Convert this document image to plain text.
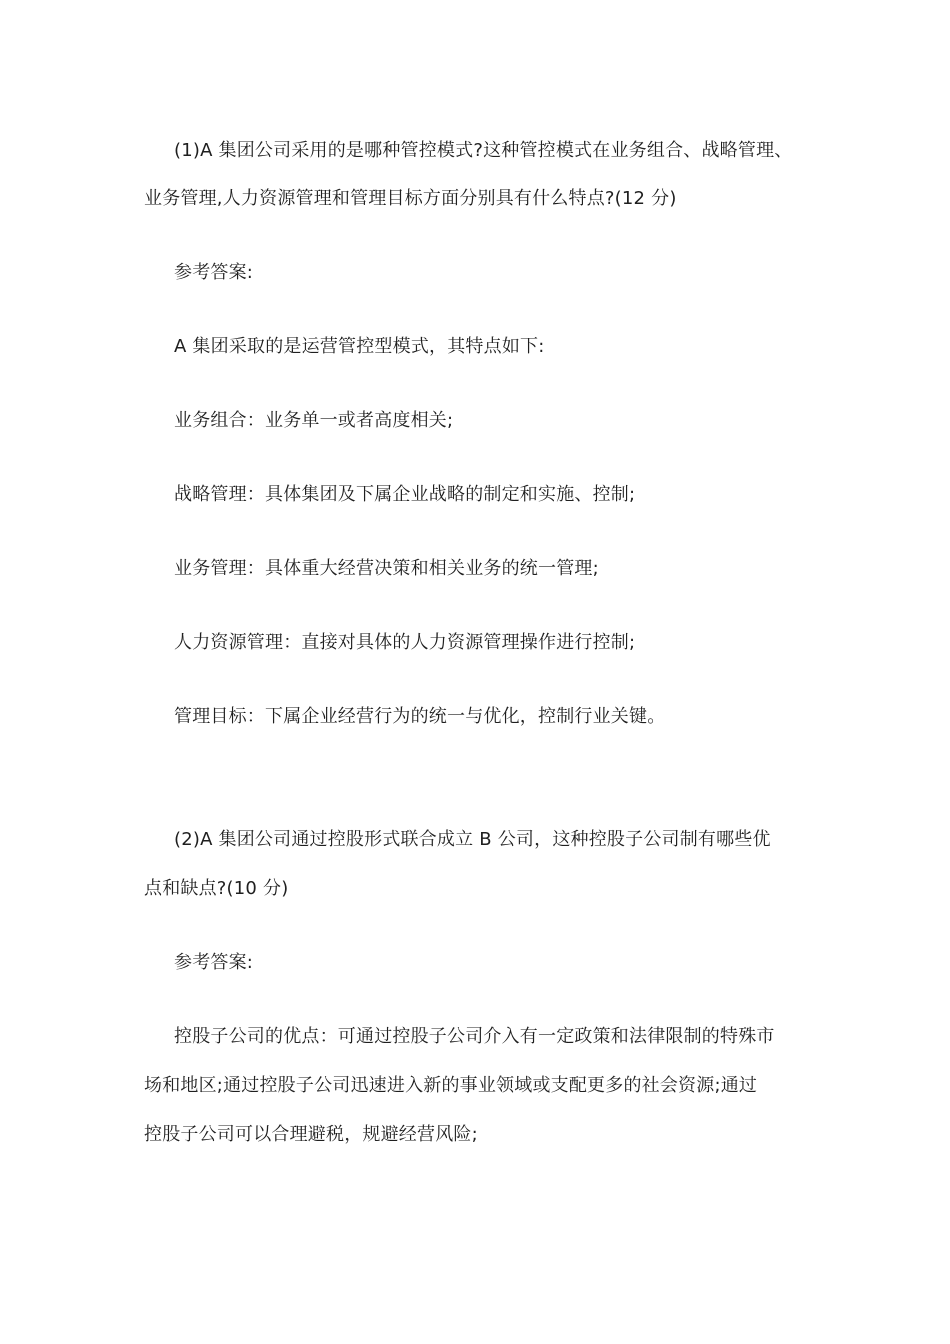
(1)A 集团公司采用的是哪种管控模式?这种管控模式在业务组合、战略管理、

业务管理,人力资源管理和管理目标方面分别具有什么特点?(12 分)

参考答案:

A 集团采取的是运营管控型模式，其特点如下:

业务组合：业务单一或者高度相关;

战略管理：具体集团及下属企业战略的制定和实施、控制;

业务管理：具体重大经营决策和相关业务的统一管理;

人力资源管理：直接对具体的人力资源管理操作进行控制;

管理目标：下属企业经营行为的统一与优化，控制行业关键。

(2)A 集团公司通过控股形式联合成立 B 公司，这种控股子公司制有哪些优

点和缺点?(10 分)

参考答案:

控股子公司的优点：可通过控股子公司介入有一定政策和法律限制的特殊市

场和地区;通过控股子公司迅速进入新的事业领域或支配更多的社会资源;通过

控股子公司可以合理避税，规避经营风险;
